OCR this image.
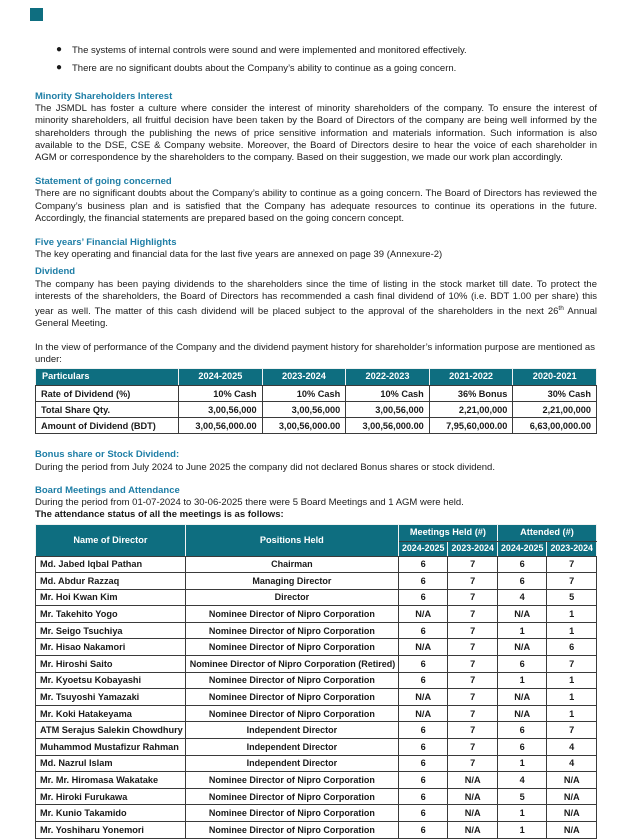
● The systems of internal controls were sound and were implemented and monitored effectively.
● There are no significant doubts about the Company’s ability to continue as a going concern.
Minority Shareholders Interest

The JSMDL has foster a culture where consider the interest of minority shareholders of the company. To ensure the interest of minority shareholders, all fruitful decision have been taken by the Board of Directors of the company are being well informed by the shareholders through the publishing the news of price sensitive information and materials information. Such information is also available to the DSE, CSE & Company website. Moreover, the Board of Directors desire to hear the voice of each shareholder in AGM or correspondence by the shareholders to the company. Based on their suggestion, we made our work plan accordingly.

Statement of going concerned

There are no significant doubts about the Company’s ability to continue as a going concern. The Board of Directors has reviewed the Company’s business plan and is satisfied that the Company has adequate resources to continue its operations in the future. Accordingly, the financial statements are prepared based on the going concern concept.

Five years’ Financial Highlights

The key operating and financial data for the last five years are annexed on page 39 (Annexure-2)

Dividend

The company has been paying dividends to the shareholders since the time of listing in the stock market till date. To protect the interests of the shareholders, the Board of Directors has recommended a cash final dividend of 10% (i.e. BDT 1.00 per share) this year as well. The matter of this cash dividend will be placed subject to the approval of the shareholders in the next 26th Annual General Meeting.

In the view of performance of the Company and the dividend payment history for shareholder’s information purpose are mentioned as under:

Particulars	2024-2025	2023-2024	2022-2023	2021-2022	2020-2021
Rate of Dividend (%)	10% Cash	10% Cash	10% Cash	36% Bonus	30% Cash
Total Share Qty.	3,00,56,000	3,00,56,000	3,00,56,000	2,21,00,000	2,21,00,000
Amount of Dividend (BDT)	3,00,56,000.00	3,00,56,000.00	3,00,56,000.00	7,95,60,000.00	6,63,00,000.00
Bonus share or Stock Dividend:

During the period from July 2024 to June 2025 the company did not declared Bonus shares or stock dividend.

Board Meetings and Attendance

During the period from 01-07-2024 to 30-06-2025 there were 5 Board Meetings and 1 AGM were held.

The attendance status of all the meetings is as follows:

Name of Director	Positions Held	Meetings Held (#)		Attended (#)	
		2024-2025	2023-2024	2024-2025	2023-2024
Md. Jabed Iqbal Pathan	Chairman	6	7	6	7
Md. Abdur Razzaq	Managing Director	6	7	6	7
Mr. Hoi Kwan Kim	Director	6	7	4	5
Mr. Takehito Yogo	Nominee Director of Nipro Corporation	N/A	7	N/A	1
Mr. Seigo Tsuchiya	Nominee Director of Nipro Corporation	6	7	1	1
Mr. Hisao Nakamori	Nominee Director of Nipro Corporation	N/A	7	N/A	6
Mr. Hiroshi Saito	Nominee Director of Nipro Corporation (Retired)	6	7	6	7
Mr. Kyoetsu Kobayashi	Nominee Director of Nipro Corporation	6	7	1	1
Mr. Tsuyoshi Yamazaki	Nominee Director of Nipro Corporation	N/A	7	N/A	1
Mr. Koki Hatakeyama	Nominee Director of Nipro Corporation	N/A	7	N/A	1
ATM Serajus Salekin Chowdhury	Independent Director	6	7	6	7
Muhammod Mustafizur Rahman	Independent Director	6	7	6	4
Md. Nazrul Islam	Independent Director	6	7	1	4
Mr. Mr. Hiromasa Wakatake	Nominee Director of Nipro Corporation	6	N/A	4	N/A
Mr. Hiroki Furukawa	Nominee Director of Nipro Corporation	6	N/A	5	N/A
Mr. Kunio Takamido	Nominee Director of Nipro Corporation	6	N/A	1	N/A
Mr. Yoshiharu Yonemori	Nominee Director of Nipro Corporation	6	N/A	1	N/A
